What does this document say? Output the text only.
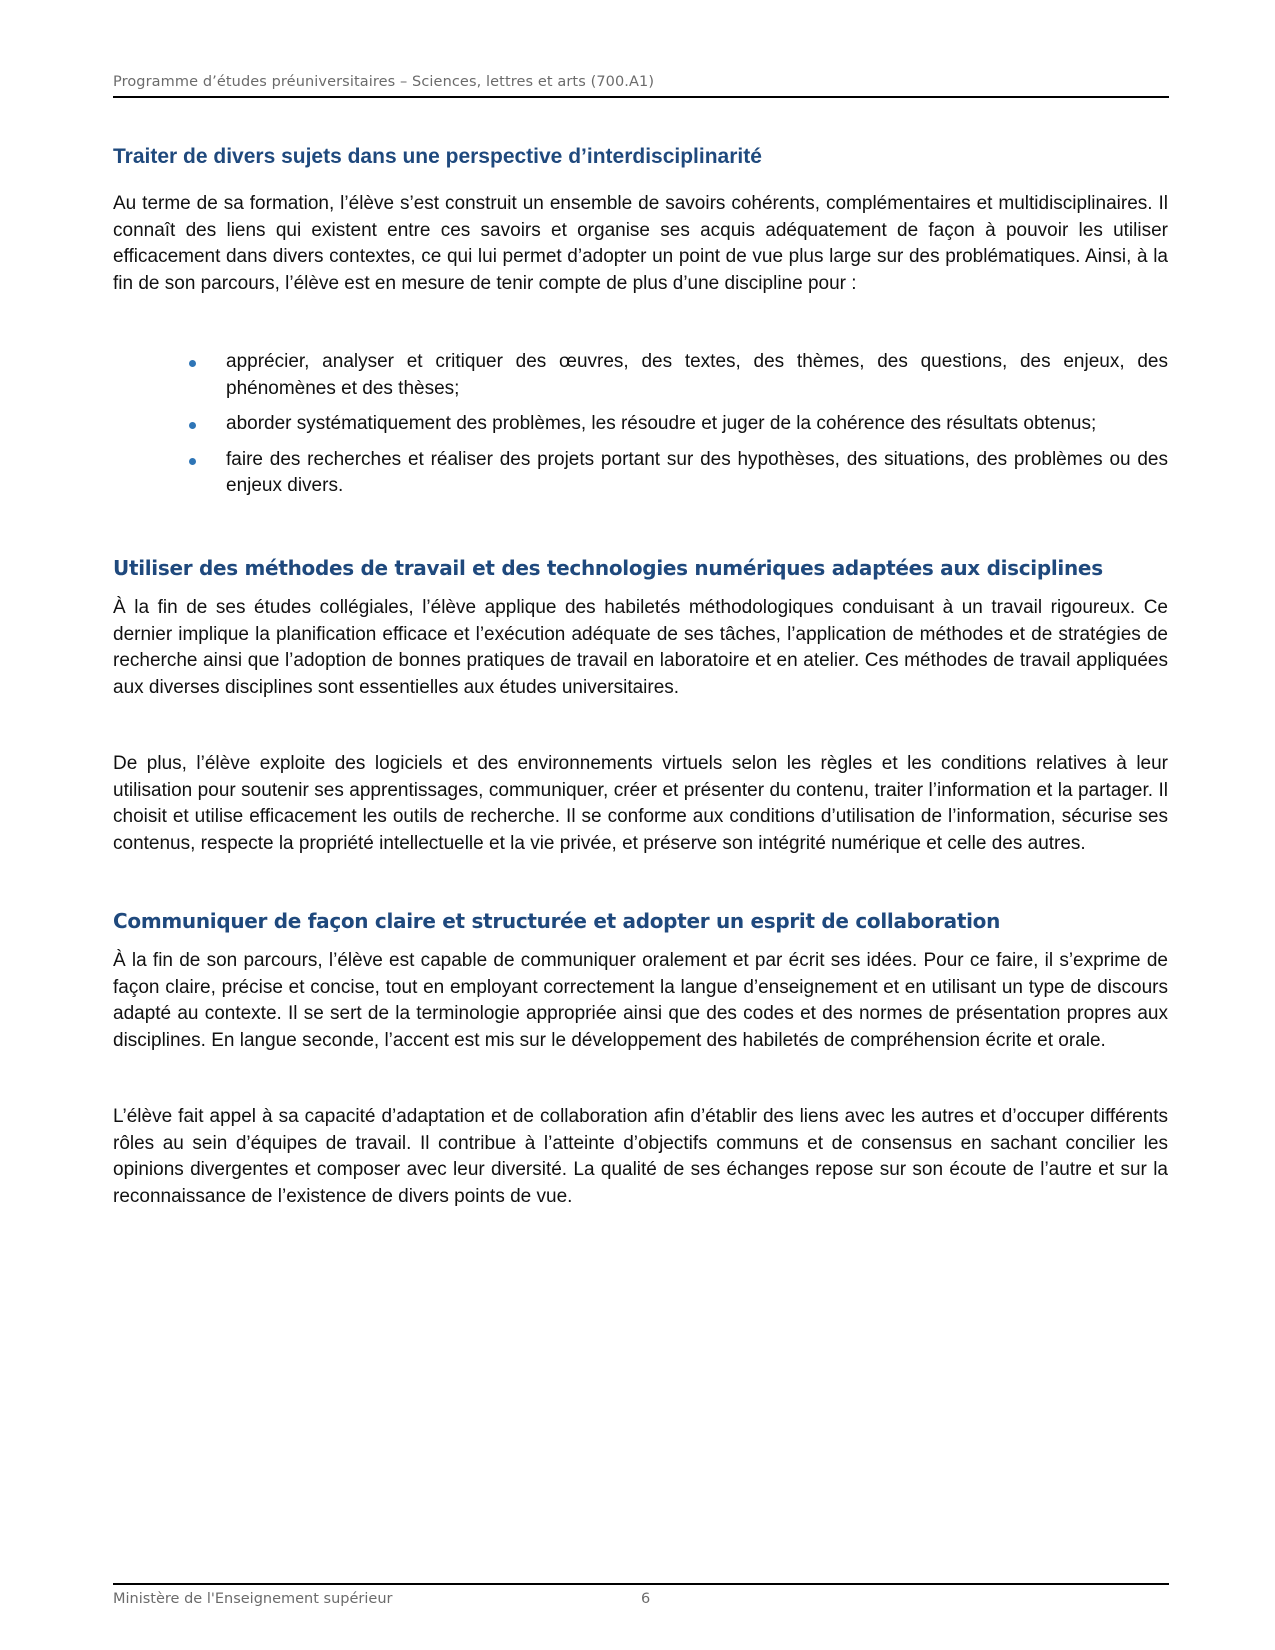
Programme d’études préuniversitaires – Sciences, lettres et arts (700.A1)
Traiter de divers sujets dans une perspective d’interdisciplinarité

Au terme de sa formation, l’élève s’est construit un ensemble de savoirs cohérents, complémentaires et multidisciplinaires. Il connaît des liens qui existent entre ces savoirs et organise ses acquis adéquatement de façon à pouvoir les utiliser efficacement dans divers contextes, ce qui lui permet d’adopter un point de vue plus large sur des problématiques. Ainsi, à la fin de son parcours, l’élève est en mesure de tenir compte de plus d’une discipline pour :

apprécier, analyser et critiquer des œuvres, des textes, des thèmes, des questions, des enjeux, des phénomènes et des thèses;
aborder systématiquement des problèmes, les résoudre et juger de la cohérence des résultats obtenus;
faire des recherches et réaliser des projets portant sur des hypothèses, des situations, des problèmes ou des enjeux divers.
Utiliser des méthodes de travail et des technologies numériques adaptées aux disciplines

À la fin de ses études collégiales, l’élève applique des habiletés méthodologiques conduisant à un travail rigoureux. Ce dernier implique la planification efficace et l’exécution adéquate de ses tâches, l’application de méthodes et de stratégies de recherche ainsi que l’adoption de bonnes pratiques de travail en laboratoire et en atelier. Ces méthodes de travail appliquées aux diverses disciplines sont essentielles aux études universitaires.

De plus, l’élève exploite des logiciels et des environnements virtuels selon les règles et les conditions relatives à leur utilisation pour soutenir ses apprentissages, communiquer, créer et présenter du contenu, traiter l’information et la partager. Il choisit et utilise efficacement les outils de recherche. Il se conforme aux conditions d’utilisation de l’information, sécurise ses contenus, respecte la propriété intellectuelle et la vie privée, et préserve son intégrité numérique et celle des autres.

Communiquer de façon claire et structurée et adopter un esprit de collaboration

À la fin de son parcours, l’élève est capable de communiquer oralement et par écrit ses idées. Pour ce faire, il s’exprime de façon claire, précise et concise, tout en employant correctement la langue d’enseignement et en utilisant un type de discours adapté au contexte. Il se sert de la terminologie appropriée ainsi que des codes et des normes de présentation propres aux disciplines. En langue seconde, l’accent est mis sur le développement des habiletés de compréhension écrite et orale.

L’élève fait appel à sa capacité d’adaptation et de collaboration afin d’établir des liens avec les autres et d’occuper différents rôles au sein d’équipes de travail. Il contribue à l’atteinte d’objectifs communs et de consensus en sachant concilier les opinions divergentes et composer avec leur diversité. La qualité de ses échanges repose sur son écoute de l’autre et sur la reconnaissance de l’existence de divers points de vue.

Ministère de l'Enseignement supérieur	6
